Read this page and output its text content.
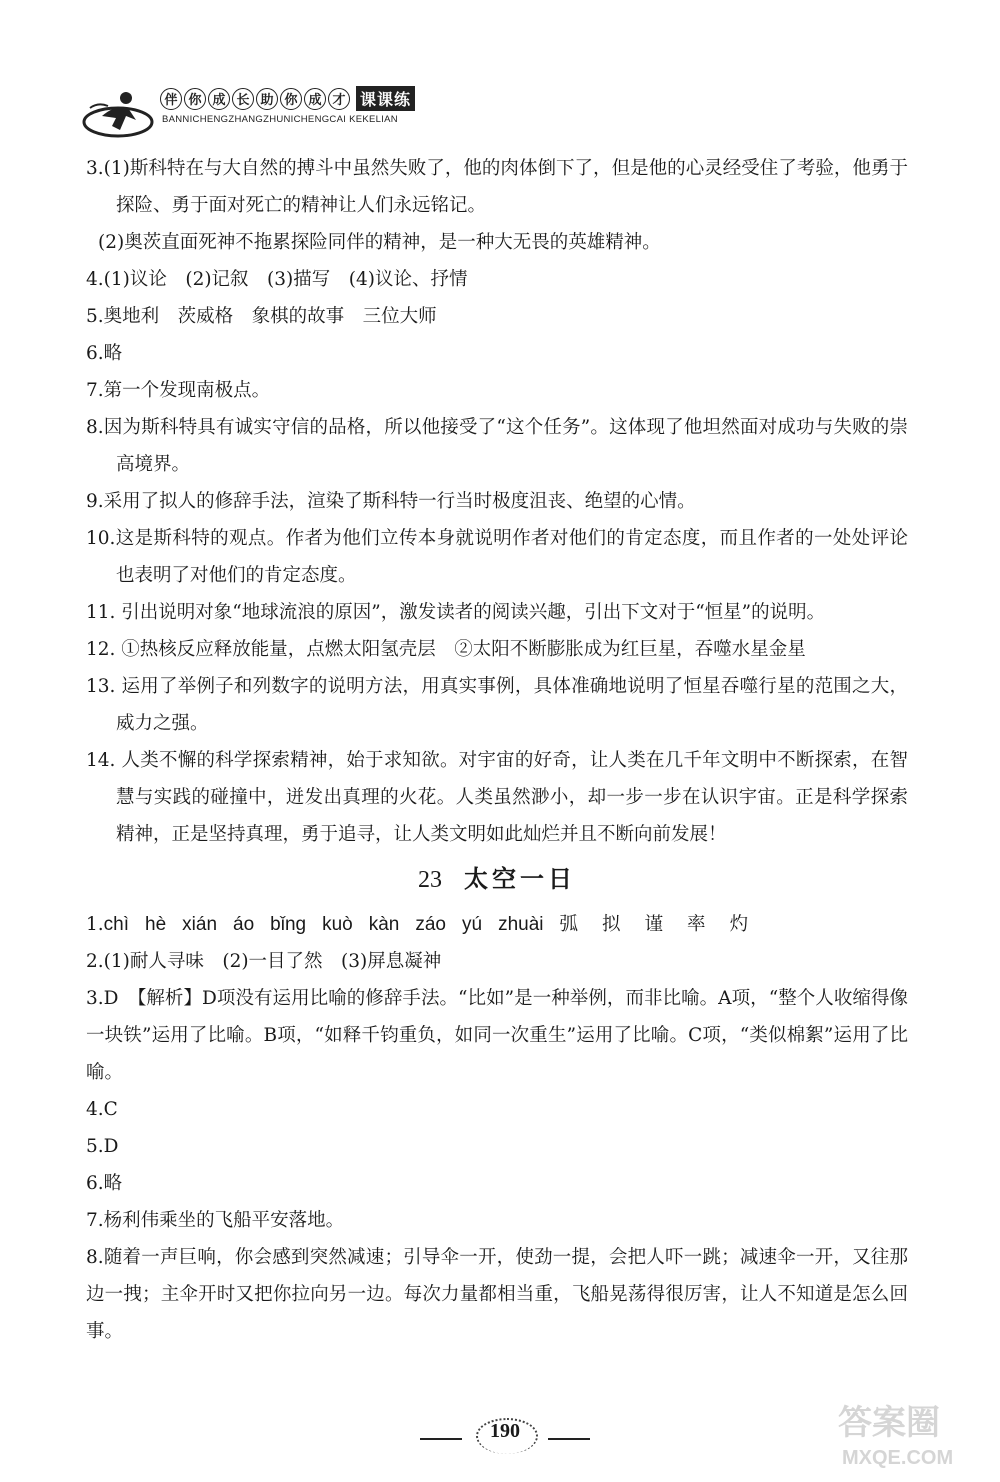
伴 你 成 长 助 你 成 才 课课练
BANNICHENGZHANGZHUNICHENGCAI KEKELIAN

3.(1)斯科特在与大自然的搏斗中虽然失败了，他的肉体倒下了，但是他的心灵经受住了考验，他勇于探险、勇于面对死亡的精神让人们永远铭记。

(2)奥茨直面死神不拖累探险同伴的精神，是一种大无畏的英雄精神。

4.(1)议论　(2)记叙　(3)描写　(4)议论、抒情

5.奥地利　茨威格　象棋的故事　三位大师

6.略

7.第一个发现南极点。

8.因为斯科特具有诚实守信的品格，所以他接受了“这个任务”。这体现了他坦然面对成功与失败的崇高境界。

9.采用了拟人的修辞手法，渲染了斯科特一行当时极度沮丧、绝望的心情。

10.这是斯科特的观点。作者为他们立传本身就说明作者对他们的肯定态度，而且作者的一处处评论也表明了对他们的肯定态度。

11. 引出说明对象“地球流浪的原因”，激发读者的阅读兴趣，引出下文对于“恒星”的说明。

12. ①热核反应释放能量，点燃太阳氢壳层　②太阳不断膨胀成为红巨星，吞噬水星金星

13. 运用了举例子和列数字的说明方法，用真实事例，具体准确地说明了恒星吞噬行星的范围之大，威力之强。

14. 人类不懈的科学探索精神，始于求知欲。对宇宙的好奇，让人类在几千年文明中不断探索，在智慧与实践的碰撞中，迸发出真理的火花。人类虽然渺小，却一步一步在认识宇宙。正是科学探索精神，正是坚持真理，勇于追寻，让人类文明如此灿烂并且不断向前发展！

23 太空一日

1. chì hè xián áo bǐng kuò kàn záo yú zhuài 弧 拟 谨 率 灼

2.(1)耐人寻味　(2)一目了然　(3)屏息凝神

3.D　【解析】D项没有运用比喻的修辞手法。“比如”是一种举例，而非比喻。A项，“整个人收缩得像一块铁”运用了比喻。B项，“如释千钧重负，如同一次重生”运用了比喻。C项，“类似棉絮”运用了比喻。

4.C

5.D

6.略

7.杨利伟乘坐的飞船平安落地。

8.随着一声巨响，你会感到突然减速；引导伞一开，使劲一提，会把人吓一跳；减速伞一开，又往那边一拽；主伞开时又把你拉向另一边。每次力量都相当重，飞船晃荡得很厉害，让人不知道是怎么回事。

190	答案圈
MXQE.COM
